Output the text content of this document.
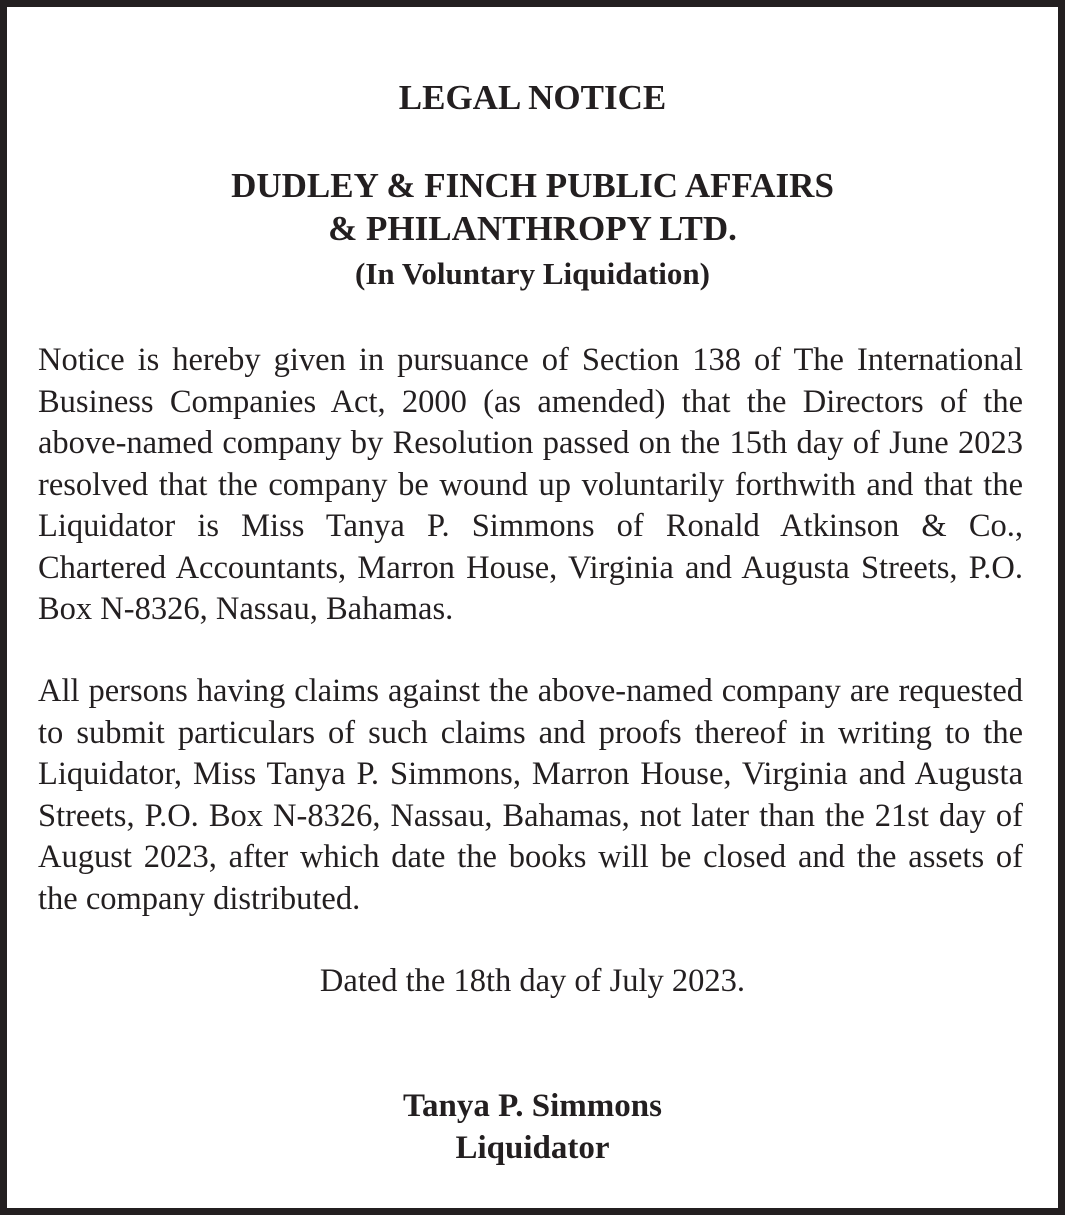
LEGAL NOTICE
DUDLEY & FINCH PUBLIC AFFAIRS
& PHILANTHROPY LTD.
(In Voluntary Liquidation)

Notice is hereby given in pursuance of Section 138 of The International
Business Companies Act, 2000 (as amended) that the Directors of the
above-named company by Resolution passed on the 15th day of June 2023
resolved that the company be wound up voluntarily forthwith and that the
Liquidator is Miss Tanya P. Simmons of Ronald Atkinson & Co.,
Chartered Accountants, Marron House, Virginia and Augusta Streets, P.O.
Box N-8326, Nassau, Bahamas.

All persons having claims against the above-named company are requested
to submit particulars of such claims and proofs thereof in writing to the
Liquidator, Miss Tanya P. Simmons, Marron House, Virginia and Augusta
Streets, P.O. Box N-8326, Nassau, Bahamas, not later than the 21st day of
August 2023, after which date the books will be closed and the assets of
the company distributed.

Dated the 18th day of July 2023.

Tanya P. Simmons

Liquidator
